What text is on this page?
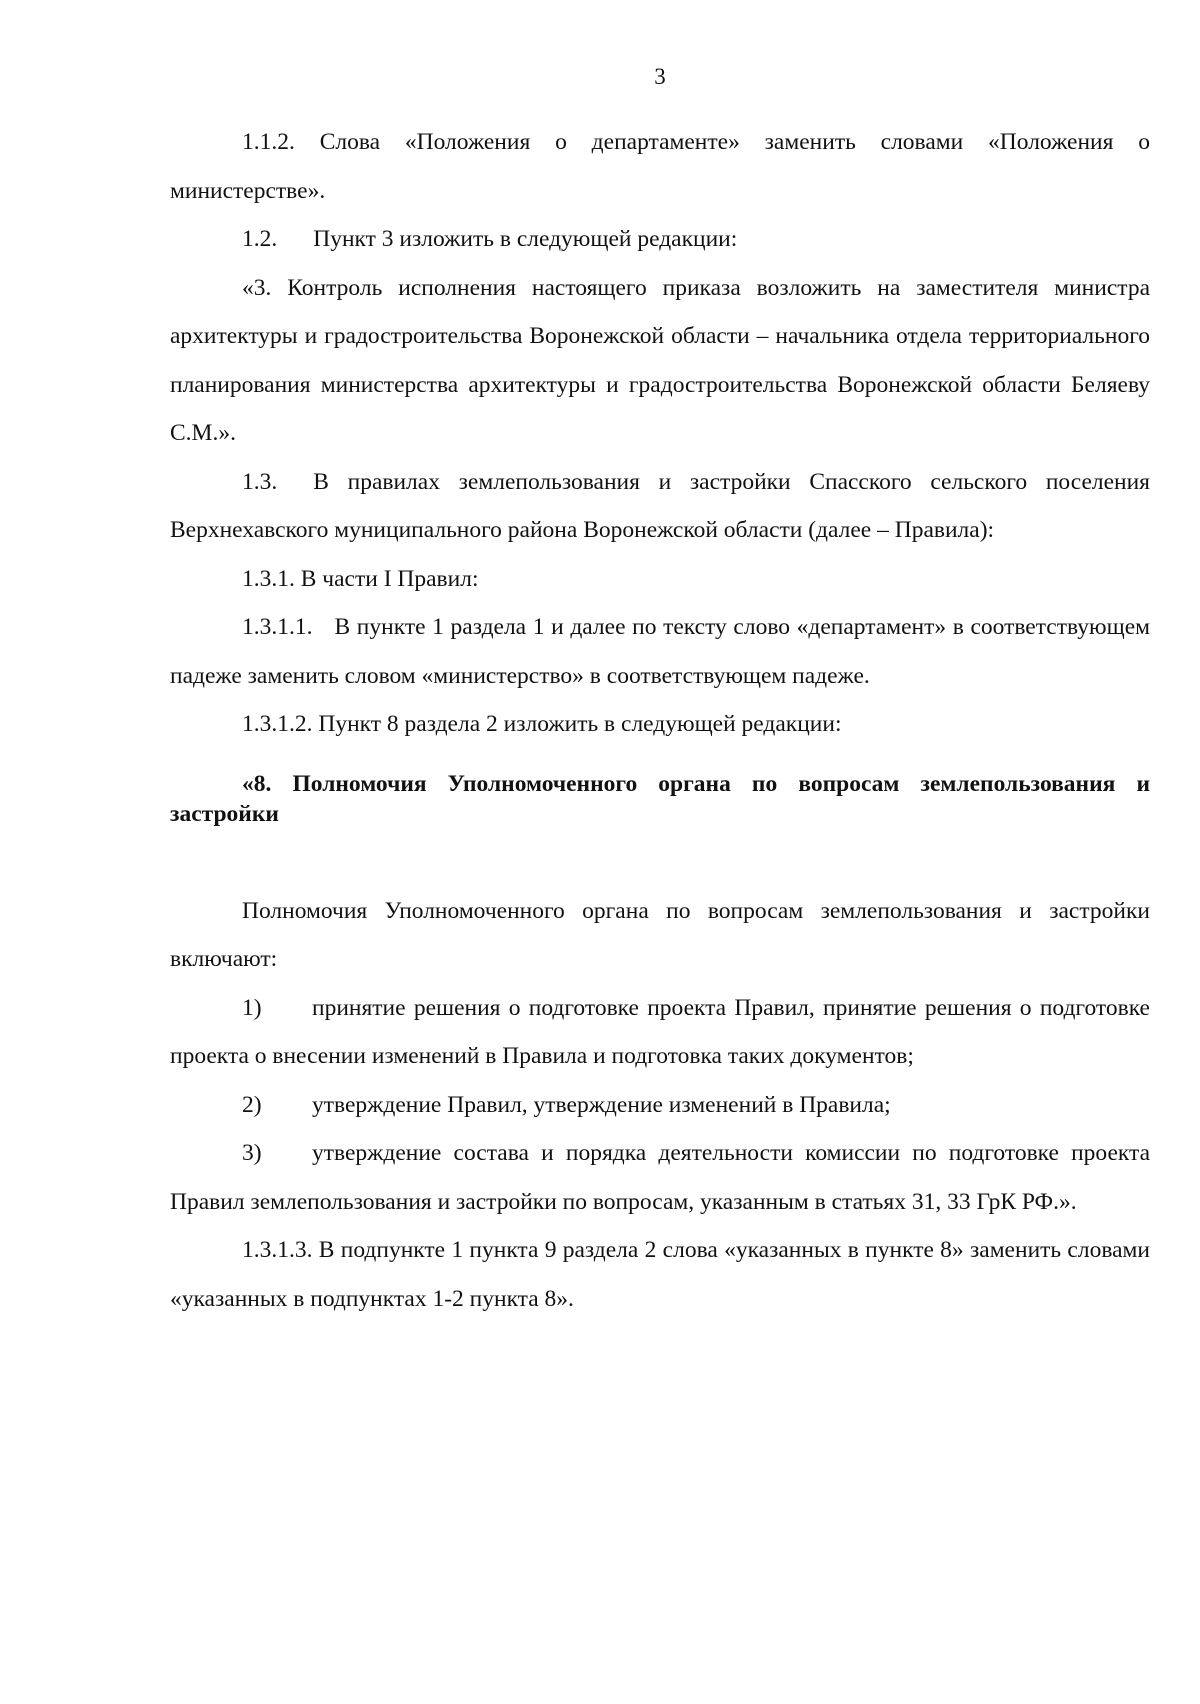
3

1.1.2. Слова «Положения о департаменте» заменить словами «Положения о министерстве».

1.2. Пункт 3 изложить в следующей редакции:

«3. Контроль исполнения настоящего приказа возложить на заместителя министра архитектуры и градостроительства Воронежской области – начальника отдела территориального планирования министерства архитектуры и градостроительства Воронежской области Беляеву С.М.».

1.3. В правилах землепользования и застройки Спасского сельского поселения Верхнехавского муниципального района Воронежской области (далее – Правила):

1.3.1. В части I Правил:

1.3.1.1. В пункте 1 раздела 1 и далее по тексту слово «департамент» в соответствующем падеже заменить словом «министерство» в соответствующем падеже.

1.3.1.2. Пункт 8 раздела 2 изложить в следующей редакции:

«8. Полномочия Уполномоченного органа по вопросам землепользования и застройки

Полномочия Уполномоченного органа по вопросам землепользования и застройки включают:

1) принятие решения о подготовке проекта Правил, принятие решения о подготовке проекта о внесении изменений в Правила и подготовка таких документов;

2) утверждение Правил, утверждение изменений в Правила;

3) утверждение состава и порядка деятельности комиссии по подготовке проекта Правил землепользования и застройки по вопросам, указанным в статьях 31, 33 ГрК РФ.».

1.3.1.3. В подпункте 1 пункта 9 раздела 2 слова «указанных в пункте 8» заменить словами «указанных в подпунктах 1-2 пункта 8».
